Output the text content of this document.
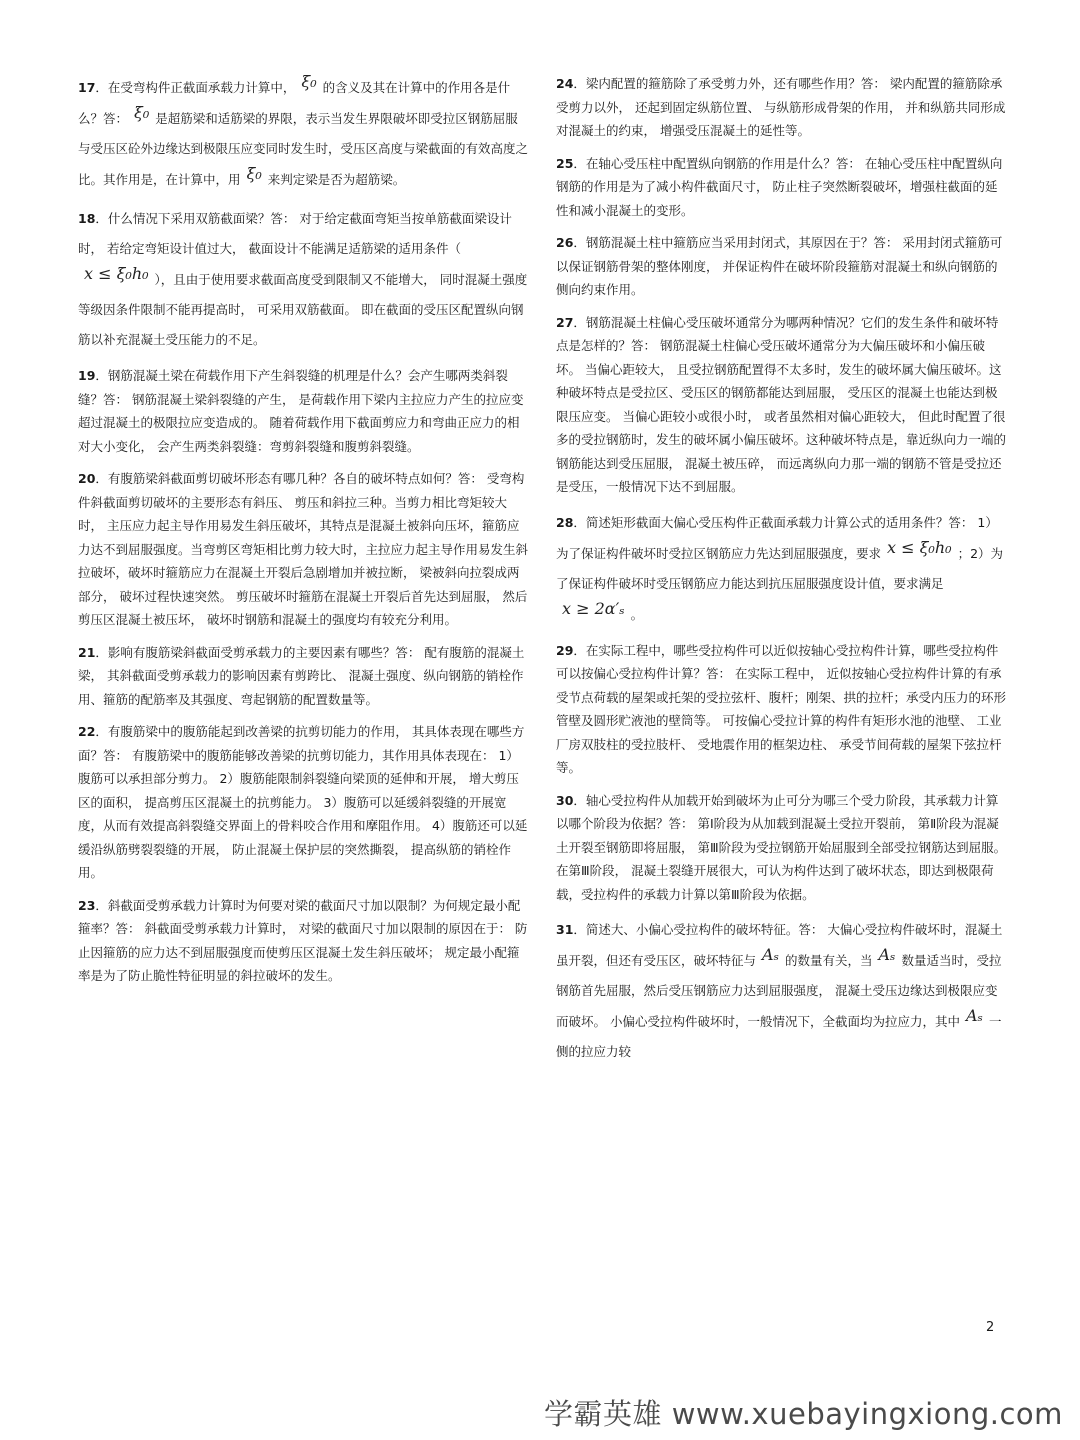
17．在受弯构件正截面承载力计算中， ξ₀ 的含义及其在计算中的作用各是什么？答： ξ₀ 是超筋梁和适筋梁的界限，表示当发生界限破坏即受拉区钢筋屈服与受压区砼外边缘达到极限压应变同时发生时，受压区高度与梁截面的有效高度之比。其作用是，在计算中，用 ξ₀ 来判定梁是否为超筋梁。

18．什么情况下采用双筋截面梁？答： 对于给定截面弯矩当按单筋截面梁设计时， 若给定弯矩设计值过大， 截面设计不能满足适筋梁的适用条件（x ≤ ξ₀h₀ ），且由于使用要求截面高度受到限制又不能增大， 同时混凝土强度等级因条件限制不能再提高时， 可采用双筋截面。 即在截面的受压区配置纵向钢筋以补充混凝土受压能力的不足。

19．钢筋混凝土梁在荷载作用下产生斜裂缝的机理是什么？会产生哪两类斜裂缝？答： 钢筋混凝土梁斜裂缝的产生， 是荷载作用下梁内主拉应力产生的拉应变超过混凝土的极限拉应变造成的。 随着荷载作用下截面剪应力和弯曲正应力的相对大小变化， 会产生两类斜裂缝：弯剪斜裂缝和腹剪斜裂缝。

20．有腹筋梁斜截面剪切破坏形态有哪几种？各自的破坏特点如何？答： 受弯构件斜截面剪切破坏的主要形态有斜压、 剪压和斜拉三种。当剪力相比弯矩较大时， 主压应力起主导作用易发生斜压破坏，其特点是混凝土被斜向压坏，箍筋应力达不到屈服强度。当弯剪区弯矩相比剪力较大时，主拉应力起主导作用易发生斜拉破坏，破坏时箍筋应力在混凝土开裂后急剧增加并被拉断， 梁被斜向拉裂成两部分， 破坏过程快速突然。 剪压破坏时箍筋在混凝土开裂后首先达到屈服， 然后剪压区混凝土被压坏， 破坏时钢筋和混凝土的强度均有较充分利用。

21．影响有腹筋梁斜截面受剪承载力的主要因素有哪些？答： 配有腹筋的混凝土梁， 其斜截面受剪承载力的影响因素有剪跨比、 混凝土强度、纵向钢筋的销栓作用、箍筋的配筋率及其强度、弯起钢筋的配置数量等。

22．有腹筋梁中的腹筋能起到改善梁的抗剪切能力的作用， 其具体表现在哪些方面？答： 有腹筋梁中的腹筋能够改善梁的抗剪切能力，其作用具体表现在： 1）腹筋可以承担部分剪力。 2）腹筋能限制斜裂缝向梁顶的延伸和开展， 增大剪压区的面积， 提高剪压区混凝土的抗剪能力。 3）腹筋可以延缓斜裂缝的开展宽度，从而有效提高斜裂缝交界面上的骨料咬合作用和摩阻作用。 4）腹筋还可以延缓沿纵筋劈裂裂缝的开展， 防止混凝土保护层的突然撕裂， 提高纵筋的销栓作用。

23．斜截面受剪承载力计算时为何要对梁的截面尺寸加以限制？为何规定最小配箍率？答： 斜截面受剪承载力计算时， 对梁的截面尺寸加以限制的原因在于： 防止因箍筋的应力达不到屈服强度而使剪压区混凝土发生斜压破坏； 规定最小配箍率是为了防止脆性特征明显的斜拉破坏的发生。

24．梁内配置的箍筋除了承受剪力外，还有哪些作用？答： 梁内配置的箍筋除承受剪力以外， 还起到固定纵筋位置、 与纵筋形成骨架的作用， 并和纵筋共同形成对混凝土的约束， 增强受压混凝土的延性等。

25．在轴心受压柱中配置纵向钢筋的作用是什么？答： 在轴心受压柱中配置纵向钢筋的作用是为了减小构件截面尺寸， 防止柱子突然断裂破坏，增强柱截面的延性和减小混凝土的变形。

26．钢筋混凝土柱中箍筋应当采用封闭式，其原因在于？答： 采用封闭式箍筋可以保证钢筋骨架的整体刚度， 并保证构件在破坏阶段箍筋对混凝土和纵向钢筋的侧向约束作用。

27．钢筋混凝土柱偏心受压破坏通常分为哪两种情况？它们的发生条件和破坏特点是怎样的？答： 钢筋混凝土柱偏心受压破坏通常分为大偏压破坏和小偏压破坏。 当偏心距较大， 且受拉钢筋配置得不太多时，发生的破坏属大偏压破坏。这种破坏特点是受拉区、受压区的钢筋都能达到屈服， 受压区的混凝土也能达到极限压应变。 当偏心距较小或很小时， 或者虽然相对偏心距较大， 但此时配置了很多的受拉钢筋时，发生的破坏属小偏压破坏。这种破坏特点是，靠近纵向力一端的钢筋能达到受压屈服， 混凝土被压碎， 而远离纵向力那一端的钢筋不管是受拉还是受压，一般情况下达不到屈服。

28．简述矩形截面大偏心受压构件正截面承载力计算公式的适用条件？答： 1）为了保证构件破坏时受拉区钢筋应力先达到屈服强度，要求 x ≤ ξ₀h₀ ；2）为了保证构件破坏时受压钢筋应力能达到抗压屈服强度设计值，要求满足x ≥ 2α′ₛ 。

29．在实际工程中，哪些受拉构件可以近似按轴心受拉构件计算，哪些受拉构件可以按偏心受拉构件计算？答： 在实际工程中， 近似按轴心受拉构件计算的有承受节点荷载的屋架或托架的受拉弦杆、腹杆；刚架、拱的拉杆；承受内压力的环形管壁及圆形贮液池的壁筒等。 可按偏心受拉计算的构件有矩形水池的池壁、 工业厂房双肢柱的受拉肢杆、 受地震作用的框架边柱、 承受节间荷载的屋架下弦拉杆等。

30．轴心受拉构件从加载开始到破坏为止可分为哪三个受力阶段，其承载力计算以哪个阶段为依据？答： 第Ⅰ阶段为从加载到混凝土受拉开裂前， 第Ⅱ阶段为混凝土开裂至钢筋即将屈服， 第Ⅲ阶段为受拉钢筋开始屈服到全部受拉钢筋达到屈服。 在第Ⅲ阶段， 混凝土裂缝开展很大，可认为构件达到了破坏状态，即达到极限荷载，受拉构件的承载力计算以第Ⅲ阶段为依据。

31．简述大、小偏心受拉构件的破坏特征。答： 大偏心受拉构件破坏时，混凝土虽开裂，但还有受压区，破坏特征与 Aₛ 的数量有关，当 Aₛ 数量适当时，受拉钢筋首先屈服，然后受压钢筋应力达到屈服强度， 混凝土受压边缘达到极限应变而破坏。 小偏心受拉构件破坏时，一般情况下，全截面均为拉应力，其中 Aₛ 一侧的拉应力较

2
学霸英雄 www.xuebayingxiong.com
